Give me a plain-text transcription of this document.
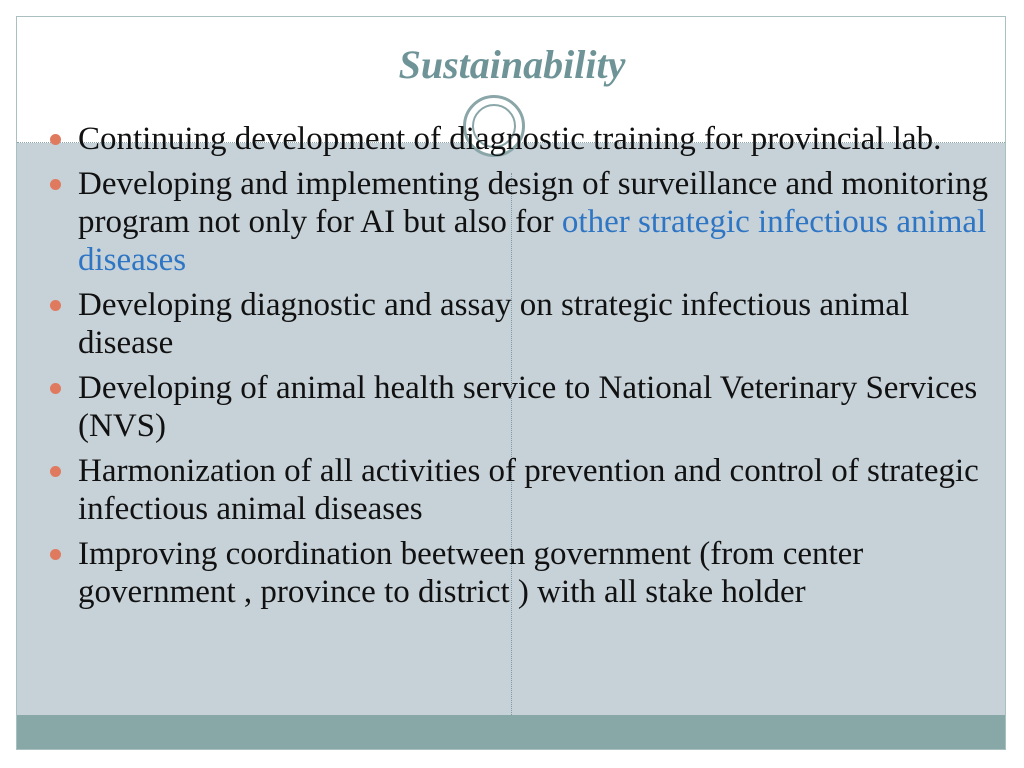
Sustainability
Continuing development of diagnostic training for provincial lab.
Developing and implementing design of surveillance and monitoring program not only for AI but also for other strategic infectious animal diseases
Developing diagnostic and assay on strategic infectious animal disease
Developing of animal health service to National Veterinary Services (NVS)
Harmonization of all activities of prevention and control of strategic infectious animal diseases
Improving coordination beetween government (from center government , province to district ) with all stake holder
